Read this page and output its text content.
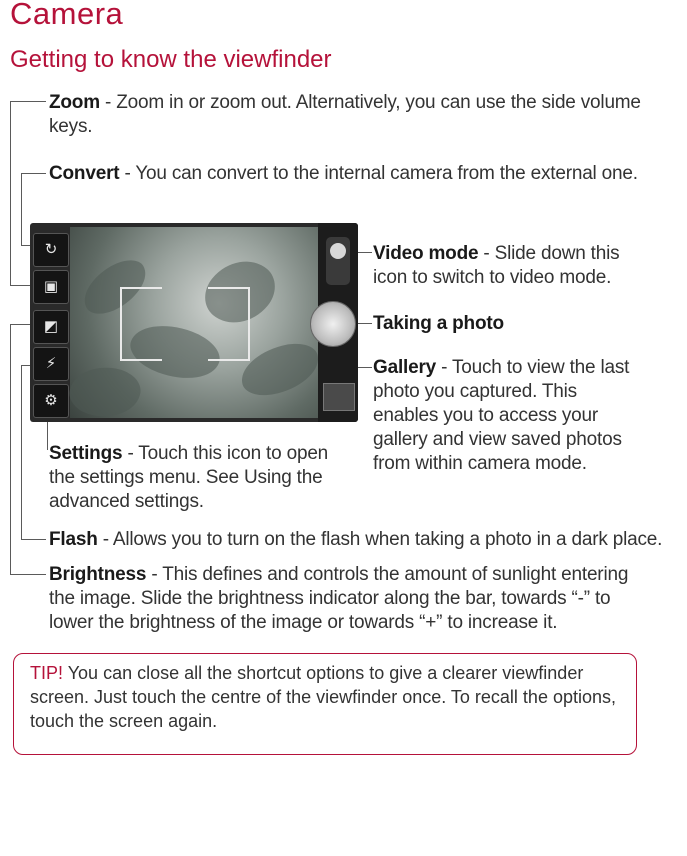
Camera
Getting to know the viewfinder
Zoom - Zoom in or zoom out. Alternatively, you can use the side volume keys.
Convert - You can convert to the internal camera from the external one.
Video mode - Slide down this icon to switch to video mode.
Taking a photo
Gallery - Touch to view the last photo you captured. This enables you to access your gallery and view saved photos from within camera mode.
Settings - Touch this icon to open the settings menu. See Using the advanced settings.
Flash - Allows you to turn on the flash when taking a photo in a dark place.
Brightness - This defines and controls the amount of sunlight entering the image. Slide the brightness indicator along the bar, towards “-” to lower the brightness of the image or towards “+” to increase it.
↻
▣
◩
⚡
⚙
TIP! You can close all the shortcut options to give a clearer viewfinder screen. Just touch the centre of the viewfinder once. To recall the options, touch the screen again.
